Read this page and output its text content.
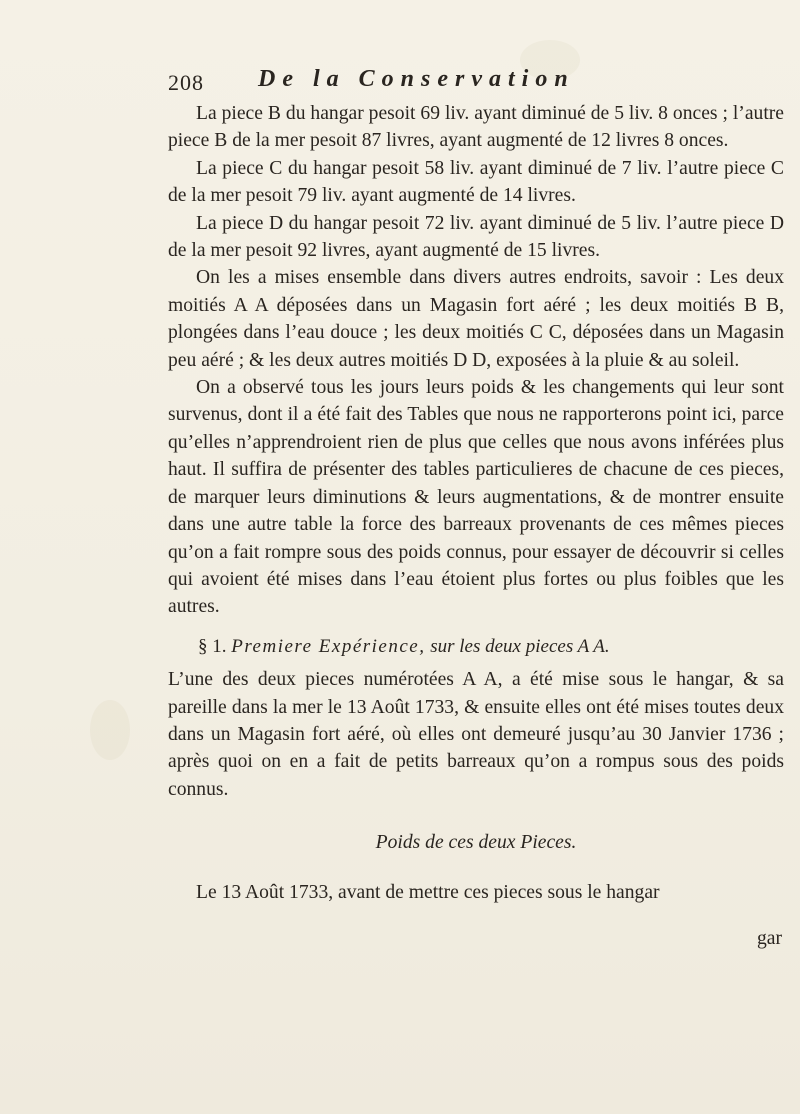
208 De la Conservation

La piece B du hangar pesoit 69 liv. ayant diminué de 5 liv. 8 onces ; l’autre piece B de la mer pesoit 87 livres, ayant augmenté de 12 livres 8 onces.

La piece C du hangar pesoit 58 liv. ayant diminué de 7 liv. l’autre piece C de la mer pesoit 79 liv. ayant augmenté de 14 livres.

La piece D du hangar pesoit 72 liv. ayant diminué de 5 liv. l’autre piece D de la mer pesoit 92 livres, ayant augmenté de 15 livres.

On les a mises ensemble dans divers autres endroits, savoir : Les deux moitiés A A déposées dans un Magasin fort aéré ; les deux moitiés B B, plongées dans l’eau douce ; les deux moitiés C C, déposées dans un Magasin peu aéré ; & les deux autres moitiés D D, exposées à la pluie & au soleil.

On a observé tous les jours leurs poids & les changements qui leur sont survenus, dont il a été fait des Tables que nous ne rapporterons point ici, parce qu’elles n’apprendroient rien de plus que celles que nous avons inférées plus haut. Il suffira de présenter des tables particulieres de chacune de ces pieces, de marquer leurs diminutions & leurs augmentations, & de montrer ensuite dans une autre table la force des barreaux provenants de ces mêmes pieces qu’on a fait rompre sous des poids connus, pour essayer de découvrir si celles qui avoient été mises dans l’eau étoient plus fortes ou plus foibles que les autres.

§ 1. Premiere Expérience, sur les deux pieces A A.

L’une des deux pieces numérotées A A, a été mise sous le hangar, & sa pareille dans la mer le 13 Août 1733, & ensuite elles ont été mises toutes deux dans un Magasin fort aéré, où elles ont demeuré jusqu’au 30 Janvier 1736 ; après quoi on en a fait de petits barreaux qu’on a rompus sous des poids connus.

Poids de ces deux Pieces.

Le 13 Août 1733, avant de mettre ces pieces sous le hangar

gar
